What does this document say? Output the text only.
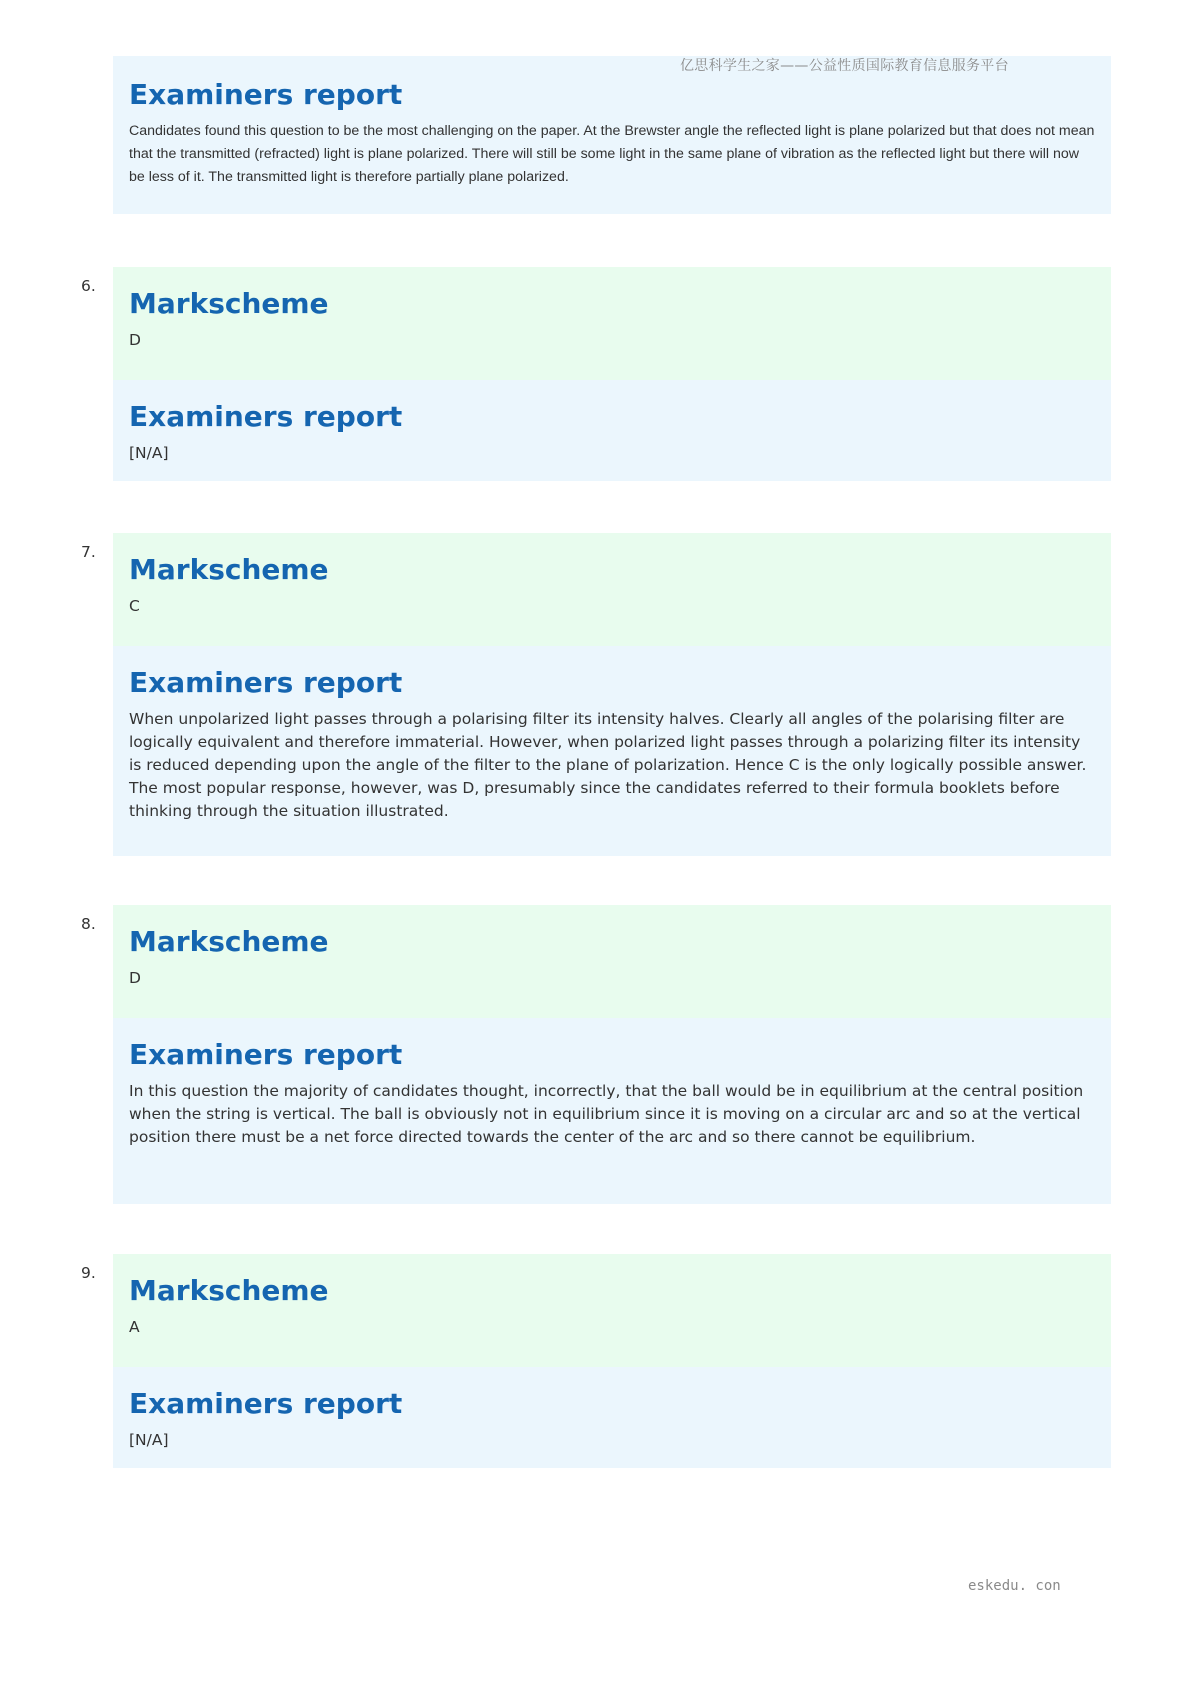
Examiners report
Candidates found this question to be the most challenging on the paper. At the Brewster angle the reflected light is plane polarized but that does not mean that the transmitted (refracted) light is plane polarized. There will still be some light in the same plane of vibration as the reflected light but there will now be less of it. The transmitted light is therefore partially plane polarized.
亿思科学生之家——公益性质国际教育信息服务平台
6.
Markscheme
D
Examiners report
[N/A]
7.
Markscheme
C
Examiners report
When unpolarized light passes through a polarising filter its intensity halves. Clearly all angles of the polarising filter are logically equivalent and therefore immaterial. However, when polarized light passes through a polarizing filter its intensity is reduced depending upon the angle of the filter to the plane of polarization. Hence C is the only logically possible answer. The most popular response, however, was D, presumably since the candidates referred to their formula booklets before thinking through the situation illustrated.
8.
Markscheme
D
Examiners report
In this question the majority of candidates thought, incorrectly, that the ball would be in equilibrium at the central position when the string is vertical. The ball is obviously not in equilibrium since it is moving on a circular arc and so at the vertical position there must be a net force directed towards the center of the arc and so there cannot be equilibrium.
9.
Markscheme
A
Examiners report
[N/A]
eskedu. con
